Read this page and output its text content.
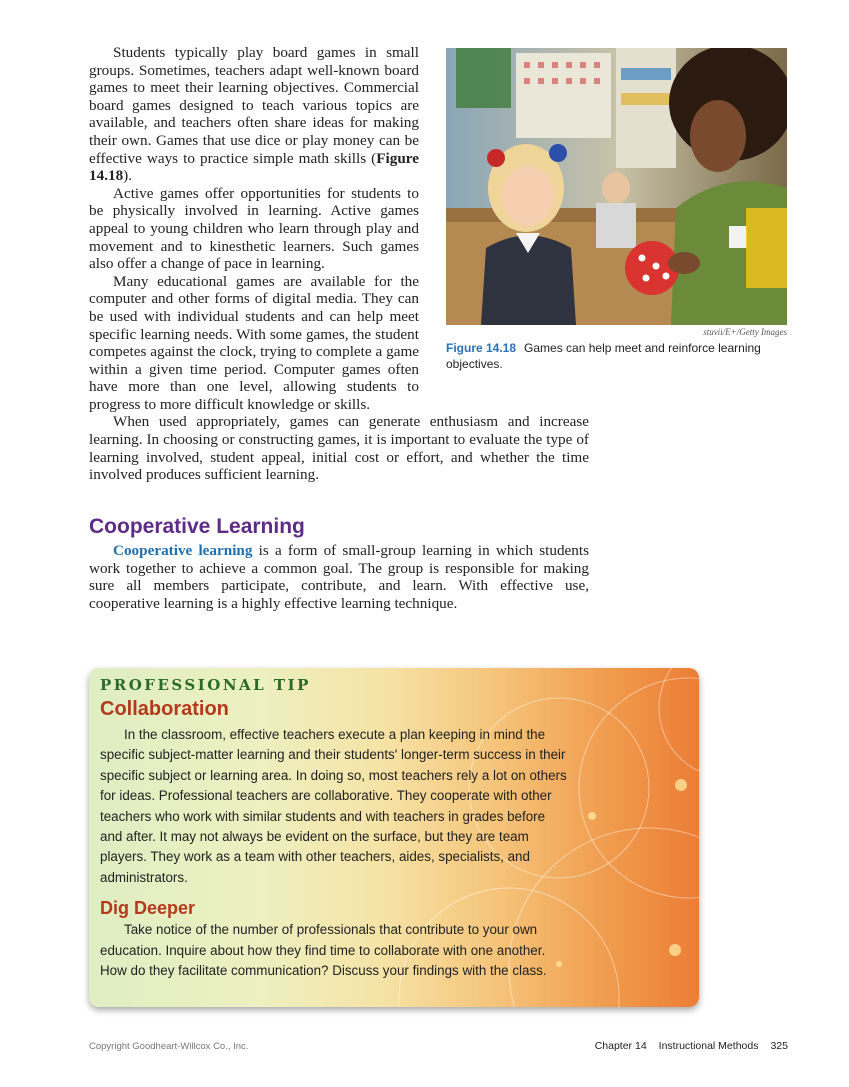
Students typically play board games in small groups. Sometimes, teachers adapt well-known board games to meet their learning objectives. Commercial board games designed to teach various topics are available, and teachers often share ideas for making their own. Games that use dice or play money can be effective ways to practice simple math skills (Figure 14.18).

Active games offer opportunities for students to be physically involved in learning. Active games appeal to young children who learn through play and movement and to kinesthetic learners. Such games also offer a change of pace in learning.

Many educational games are available for the computer and other forms of digital media. They can be used with individual students and can help meet specific learning needs. With some games, the student competes against the clock, trying to complete a game within a given time period. Computer games often have more than one level, allowing students to progress to more difficult knowledge or skills.

When used appropriately, games can generate enthusiasm and increase learning. In choosing or constructing games, it is important to evaluate the type of learning involved, student appeal, initial cost or effort, and whether the time involved produces sufficient learning.

stuvii/E+/Getty Images
Figure 14.18 Games can help meet and reinforce learning objectives.
Cooperative Learning

Cooperative learning is a form of small-group learning in which students work together to achieve a common goal. The group is responsible for making sure all members participate, contribute, and learn. With effective use, cooperative learning is a highly effective learning technique.

PROFESSIONAL TIP
Collaboration

In the classroom, effective teachers execute a plan keeping in mind the specific subject-matter learning and their students' longer-term success in their specific subject or learning area. In doing so, most teachers rely a lot on others for ideas. Professional teachers are collaborative. They cooperate with other teachers who work with similar students and with teachers in grades before and after. It may not always be evident on the surface, but they are team players. They work as a team with other teachers, aides, specialists, and administrators.

Dig Deeper

Take notice of the number of professionals that contribute to your own education. Inquire about how they find time to collaborate with one another. How do they facilitate communication? Discuss your findings with the class.

Copyright Goodheart-Willcox Co., Inc.	Chapter 14 Instructional Methods 325
